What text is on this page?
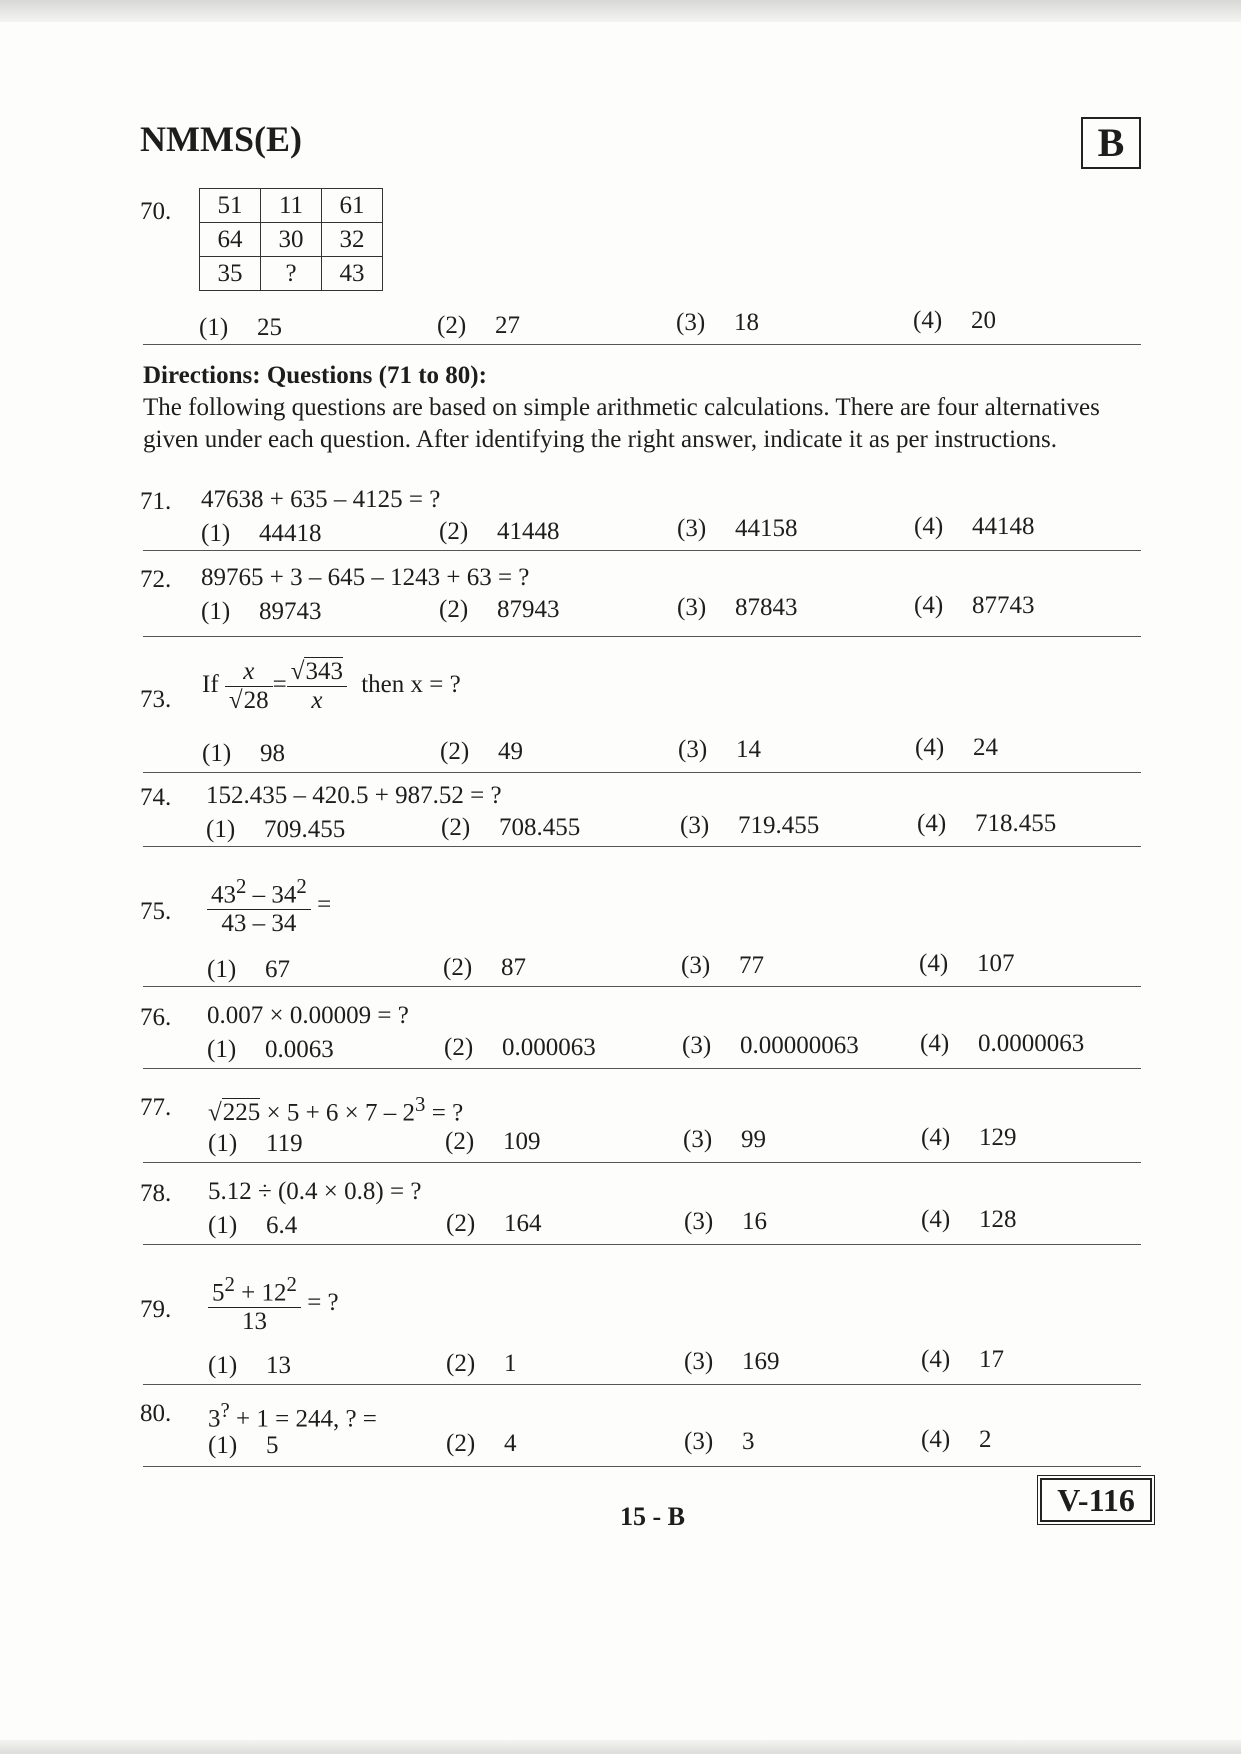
NMMS(E)	B
70. 51	11	61
64	30	32
35	?	43
(1) 25	(2) 27	(3) 18	(4) 20
Directions: Questions (71 to 80):
The following questions are based on simple arithmetic calculations. There are four alternatives given under each question. After identifying the right answer, indicate it as per instructions.
71. 47638 + 635 – 4125 = ?
(1) 44418	(2) 41448	(3) 44158	(4) 44148
72. 89765 + 3 – 645 – 1243 + 63 = ?
(1) 89743	(2) 87943	(3) 87843	(4) 87743
73.
If $\frac{x}{√28} = \frac{√343}{x}$ then x = ?
(1) 98	(2) 49	(3) 14	(4) 24
74. 152.435 – 420.5 + 987.52 = ?
(1) 709.455	(2) 708.455	(3) 719.455	(4) 718.455
75. $\frac{43^2 - 34^2}{43 - 34}$ =
(1) 67	(2) 87	(3) 77	(4) 107
76. 0.007 × 0.00009 = ?
(1) 0.0063	(2) 0.000063	(3) 0.00000063 (4) 0.0000063
77. $√225 \times 5 + 6 \times 7 - 2^3$ = ?
(1) 119	(2) 109	(3) 99	(4) 129
78. 5.12 ÷ (0.4 × 0.8) = ?
(1) 6.4	(2) 164	(3) 16	(4) 128
79. $\frac{5^2 + 12^2}{13}$ = ?
(1) 13	(2) 1	(3) 169	(4) 17
80. 3? + 1 = 244, ? =
(1) 5	(2) 4	(3) 3	(4) 2
15 - B	V-116
